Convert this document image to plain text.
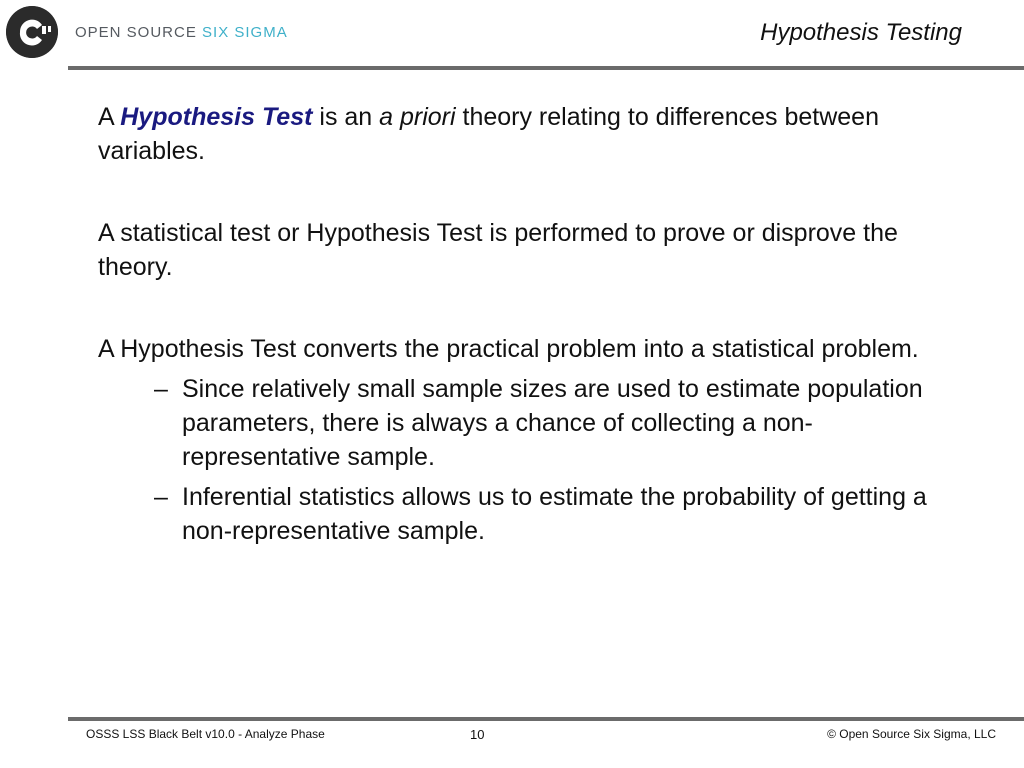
OPEN SOURCE SIX SIGMA	Hypothesis Testing

A Hypothesis Test is an a priori theory relating to differences between variables.

A statistical test or Hypothesis Test is performed to prove or disprove the theory.

A Hypothesis Test converts the practical problem into a statistical problem.

– Since relatively small sample sizes are used to estimate population parameters, there is always a chance of collecting a non-representative sample.
– Inferential statistics allows us to estimate the probability of getting a non-representative sample.
OSSS LSS Black Belt v10.0 - Analyze Phase	10	© Open Source Six Sigma, LLC
